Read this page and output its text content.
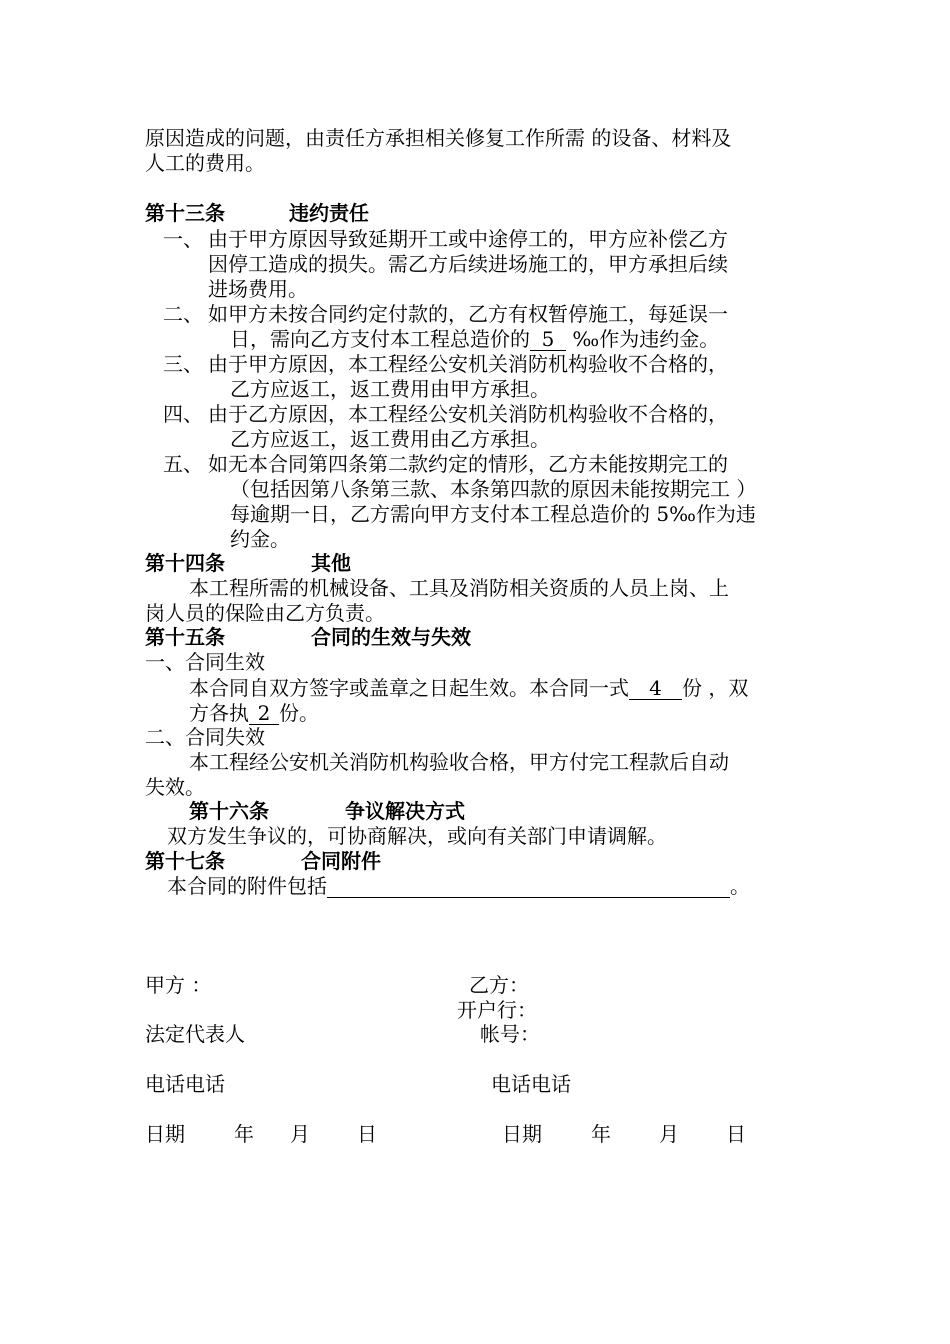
原因造成的问题，由责任方承担相关修复工作所需 的设备、材料及
人工的费用。
第十三条	违约责任
一、 由于甲方原因导致延期开工或中途停工的，甲方应补偿乙方
因停工造成的损失。需乙方后续进场施工的，甲方承担后续
进场费用。
二、 如甲方未按合同约定付款的，乙方有权暂停施工，每延误一
日，需向乙方支付本工程总造价的 5 ‰作为违约金。
三、 由于甲方原因，本工程经公安机关消防机构验收不合格的，
乙方应返工，返工费用由甲方承担。
四、 由于乙方原因，本工程经公安机关消防机构验收不合格的，
乙方应返工，返工费用由乙方承担。
五、 如无本合同第四条第二款约定的情形，乙方未能按期完工的
（包括因第八条第三款、本条第四款的原因未能按期完工 ）
每逾期一日，乙方需向甲方支付本工程总造价的 5‰作为违
约金。
第十四条	其他
本工程所需的机械设备、工具及消防相关资质的人员上岗、上
岗人员的保险由乙方负责。
第十五条	合同的生效与失效
一、合同生效
本合同自双方签字或盖章之日起生效。本合同一式 4 份 ，双
方各执 2 份。
二、合同失效
本工程经公安机关消防机构验收合格，甲方付完工程款后自动
失效。
第十六条	争议解决方式
双方发生争议的，可协商解决，或向有关部门申请调解。
第十七条	合同附件
本合同的附件包括	。
甲方 ：	乙方：
开户行：
法定代表人	帐号：
电话电话	电话电话
日期 年 月 日	日期 年 月 日
